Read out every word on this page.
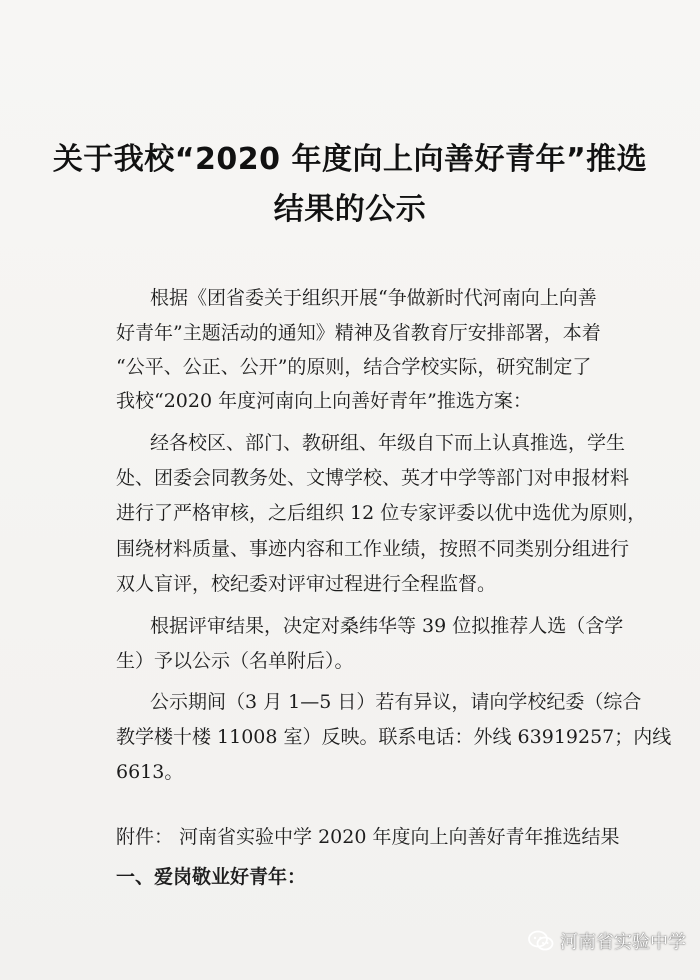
关于我校“2020 年度向上向善好青年”推选
结果的公示
根据《团省委关于组织开展“争做新时代河南向上向善
好青年”主题活动的通知》精神及省教育厅安排部署，本着
“公平、公正、公开”的原则，结合学校实际，研究制定了
我校“2020 年度河南向上向善好青年”推选方案：
经各校区、部门、教研组、年级自下而上认真推选，学生
处、团委会同教务处、文博学校、英才中学等部门对申报材料
进行了严格审核，之后组织 12 位专家评委以优中选优为原则，
围绕材料质量、事迹内容和工作业绩，按照不同类别分组进行
双人盲评，校纪委对评审过程进行全程监督。
根据评审结果，决定对桑纬华等 39 位拟推荐人选（含学
生）予以公示（名单附后）。
公示期间（3 月 1—5 日）若有异议，请向学校纪委（综合
教学楼十楼 11008 室）反映。联系电话：外线 63919257；内线
6613。
附件： 河南省实验中学 2020 年度向上向善好青年推选结果
一、爱岗敬业好青年：
河南省实验中学
